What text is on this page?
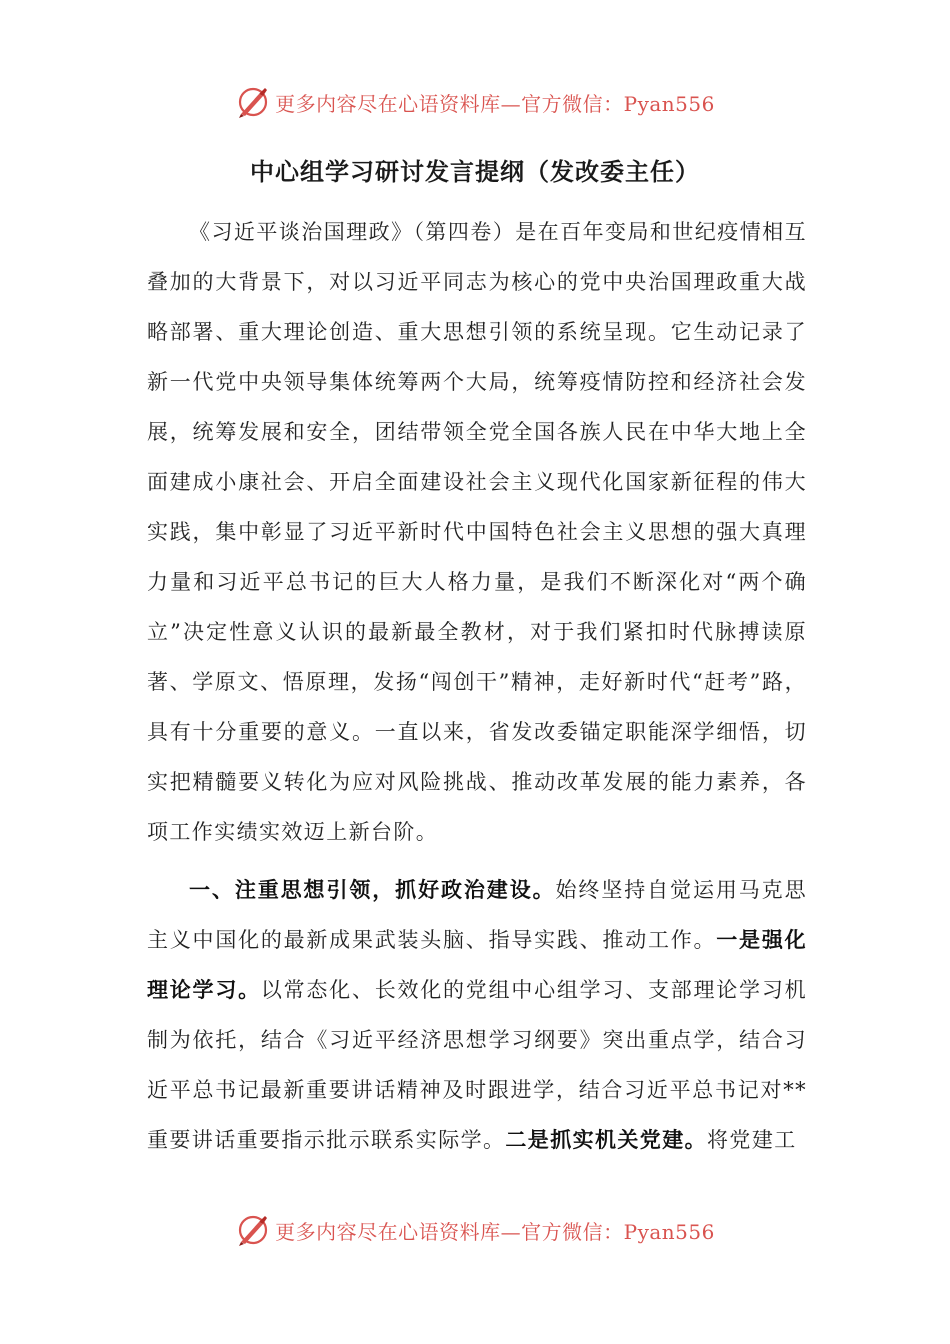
更多内容尽在心语资料库—官方微信：Pyan556
中心组学习研讨发言提纲（发改委主任）

《习近平谈治国理政》（第四卷）是在百年变局和世纪疫情相互叠加的大背景下，对以习近平同志为核心的党中央治国理政重大战略部署、重大理论创造、重大思想引领的系统呈现。它生动记录了新一代党中央领导集体统筹两个大局，统筹疫情防控和经济社会发展，统筹发展和安全，团结带领全党全国各族人民在中华大地上全面建成小康社会、开启全面建设社会主义现代化国家新征程的伟大实践，集中彰显了习近平新时代中国特色社会主义思想的强大真理力量和习近平总书记的巨大人格力量，是我们不断深化对“两个确立”决定性意义认识的最新最全教材，对于我们紧扣时代脉搏读原著、学原文、悟原理，发扬“闯创干”精神，走好新时代“赶考”路，具有十分重要的意义。一直以来，省发改委锚定职能深学细悟，切实把精髓要义转化为应对风险挑战、推动改革发展的能力素养，各项工作实绩实效迈上新台阶。

一、注重思想引领，抓好政治建设。始终坚持自觉运用马克思主义中国化的最新成果武装头脑、指导实践、推动工作。一是强化理论学习。以常态化、长效化的党组中心组学习、支部理论学习机制为依托，结合《习近平经济思想学习纲要》突出重点学，结合习近平总书记最新重要讲话精神及时跟进学，结合习近平总书记对**重要讲话重要指示批示联系实际学。二是抓实机关党建。将党建工

更多内容尽在心语资料库—官方微信：Pyan556
